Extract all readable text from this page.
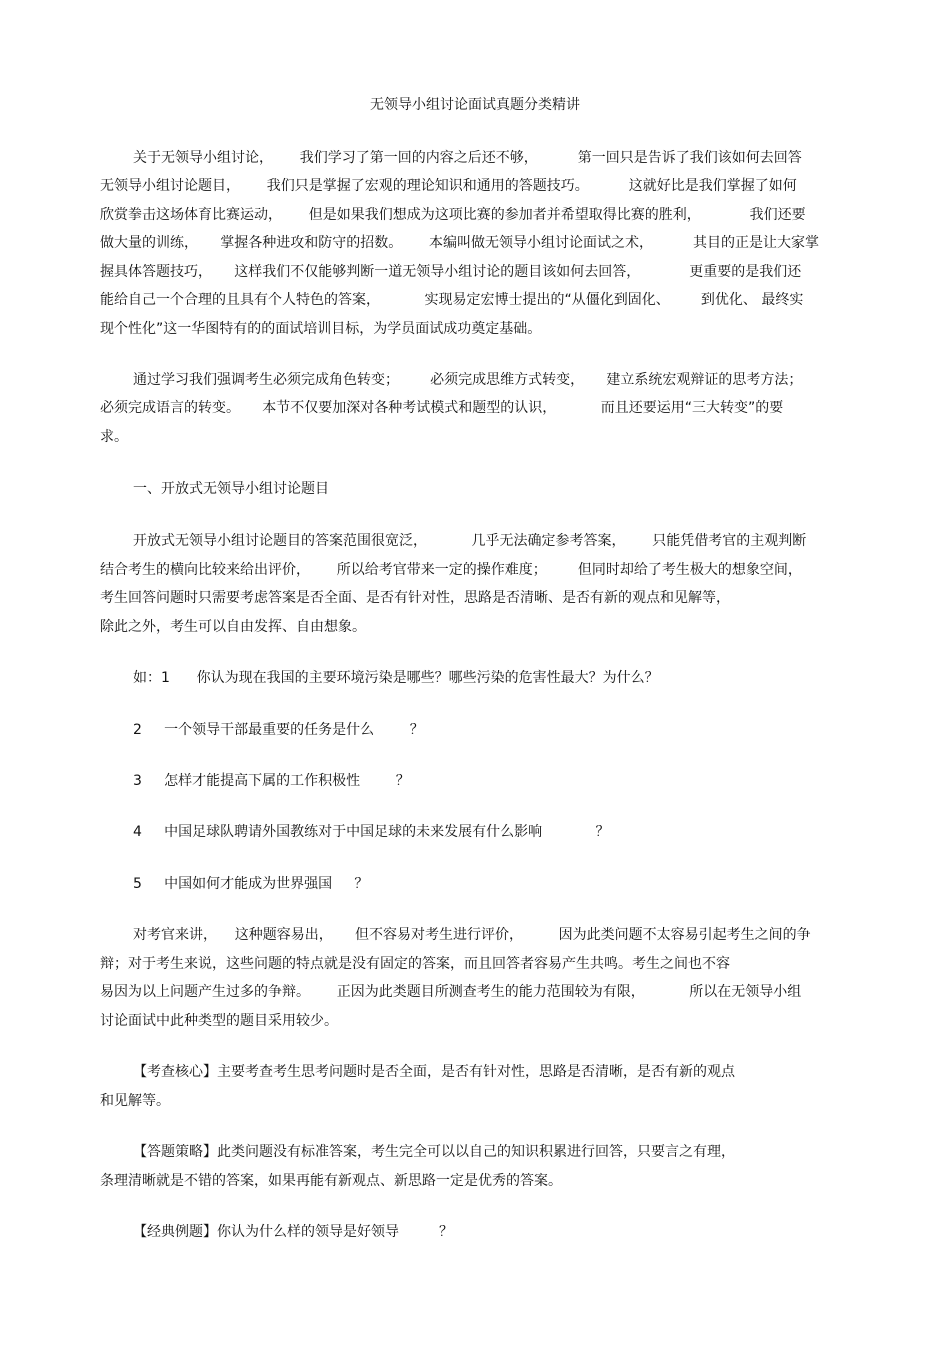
无领导小组讨论面试真题分类精讲
关于无领导小组讨论，      我们学习了第一回的内容之后还不够，         第一回只是告诉了我们该如何去回答
无领导小组讨论题目，      我们只是掌握了宏观的理论知识和通用的答题技巧。         这就好比是我们掌握了如何
欣赏拳击这场体育比赛运动，      但是如果我们想成为这项比赛的参加者并希望取得比赛的胜利，           我们还要
做大量的训练，     掌握各种进攻和防守的招数。      本编叫做无领导小组讨论面试之术，         其目的正是让大家掌
握具体答题技巧，     这样我们不仅能够判断一道无领导小组讨论的题目该如何去回答，           更重要的是我们还
能给自己一个合理的且具有个人特色的答案，          实现易定宏博士提出的“从僵化到固化、       到优化、 最终实
现个性化”这一华图特有的的面试培训目标，为学员面试成功奠定基础。
通过学习我们强调考生必须完成角色转变；       必须完成思维方式转变，     建立系统宏观辩证的思考方法；
必须完成语言的转变。     本节不仅要加深对各种考试模式和题型的认识，          而且还要运用“三大转变”的要
求。
一、开放式无领导小组讨论题目
开放式无领导小组讨论题目的答案范围很宽泛，          几乎无法确定参考答案，      只能凭借考官的主观判断
结合考生的横向比较来给出评价，      所以给考官带来一定的操作难度；       但同时却给了考生极大的想象空间，
考生回答问题时只需要考虑答案是否全面、是否有针对性，思路是否清晰、是否有新的观点和见解等，
除此之外，考生可以自由发挥、自由想象。
如：1      你认为现在我国的主要环境污染是哪些？哪些污染的危害性最大？为什么？
2     一个领导干部最重要的任务是什么        ？
3     怎样才能提高下属的工作积极性        ？
4     中国足球队聘请外国教练对于中国足球的未来发展有什么影响            ？
5     中国如何才能成为世界强国     ？
对考官来讲，    这种题容易出，     但不容易对考生进行评价，        因为此类问题不太容易引起考生之间的争
辩；对于考生来说，这些问题的特点就是没有固定的答案，而且回答者容易产生共鸣。考生之间也不容
易因为以上问题产生过多的争辩。      正因为此类题目所测查考生的能力范围较为有限，          所以在无领导小组
讨论面试中此种类型的题目采用较少。
【考查核心】主要考查考生思考问题时是否全面，是否有针对性，思路是否清晰，是否有新的观点
和见解等。
【答题策略】此类问题没有标准答案，考生完全可以以自己的知识积累进行回答，只要言之有理，
条理清晰就是不错的答案，如果再能有新观点、新思路一定是优秀的答案。
【经典例题】你认为什么样的领导是好领导         ？
